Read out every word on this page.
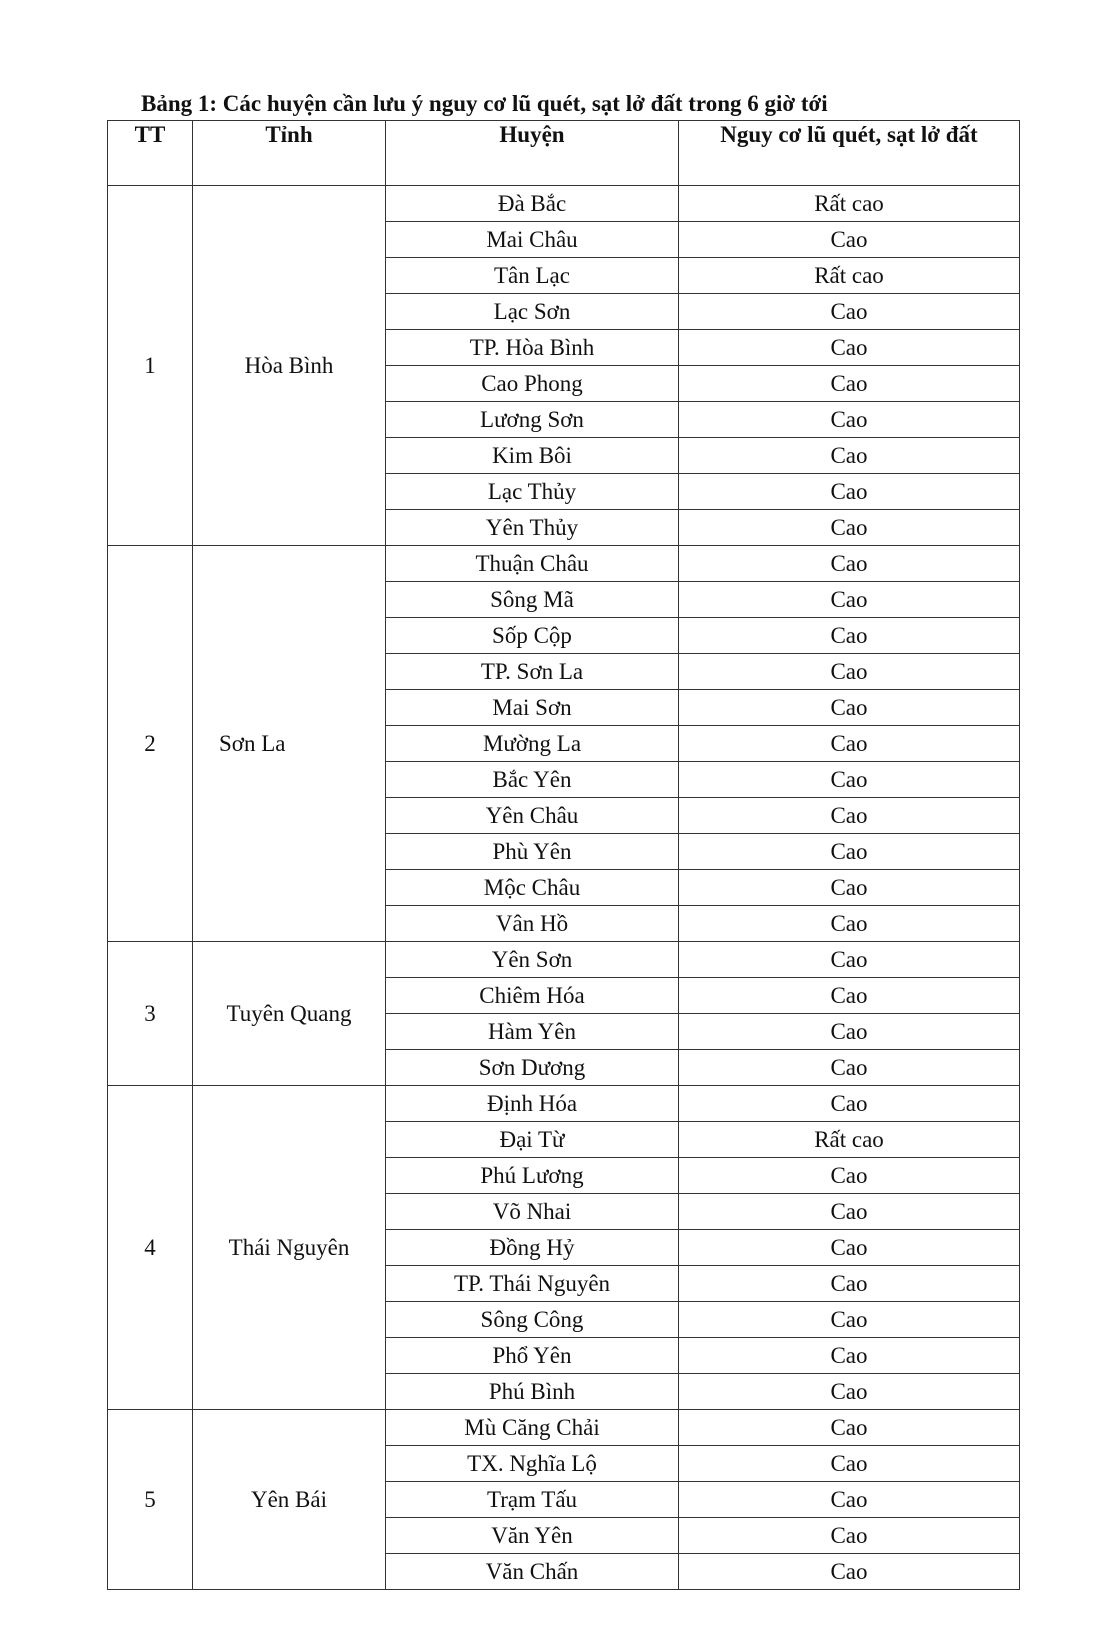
Bảng 1: Các huyện cần lưu ý nguy cơ lũ quét, sạt lở đất trong 6 giờ tới

TT	Tỉnh	Huyện	Nguy cơ lũ quét, sạt lở đất
1	Hòa Bình	Đà Bắc	Rất cao
		Mai Châu	Cao
		Tân Lạc	Rất cao
		Lạc Sơn	Cao
		TP. Hòa Bình	Cao
		Cao Phong	Cao
		Lương Sơn	Cao
		Kim Bôi	Cao
		Lạc Thủy	Cao
		Yên Thủy	Cao
2	Sơn La	Thuận Châu	Cao
		Sông Mã	Cao
		Sốp Cộp	Cao
		TP. Sơn La	Cao
		Mai Sơn	Cao
		Mường La	Cao
		Bắc Yên	Cao
		Yên Châu	Cao
		Phù Yên	Cao
		Mộc Châu	Cao
		Vân Hồ	Cao
3	Tuyên Quang	Yên Sơn	Cao
		Chiêm Hóa	Cao
		Hàm Yên	Cao
		Sơn Dương	Cao
4	Thái Nguyên	Định Hóa	Cao
		Đại Từ	Rất cao
		Phú Lương	Cao
		Võ Nhai	Cao
		Đồng Hỷ	Cao
		TP. Thái Nguyên	Cao
		Sông Công	Cao
		Phổ Yên	Cao
		Phú Bình	Cao
5	Yên Bái	Mù Căng Chải	Cao
		TX. Nghĩa Lộ	Cao
		Trạm Tấu	Cao
		Văn Yên	Cao
		Văn Chấn	Cao
